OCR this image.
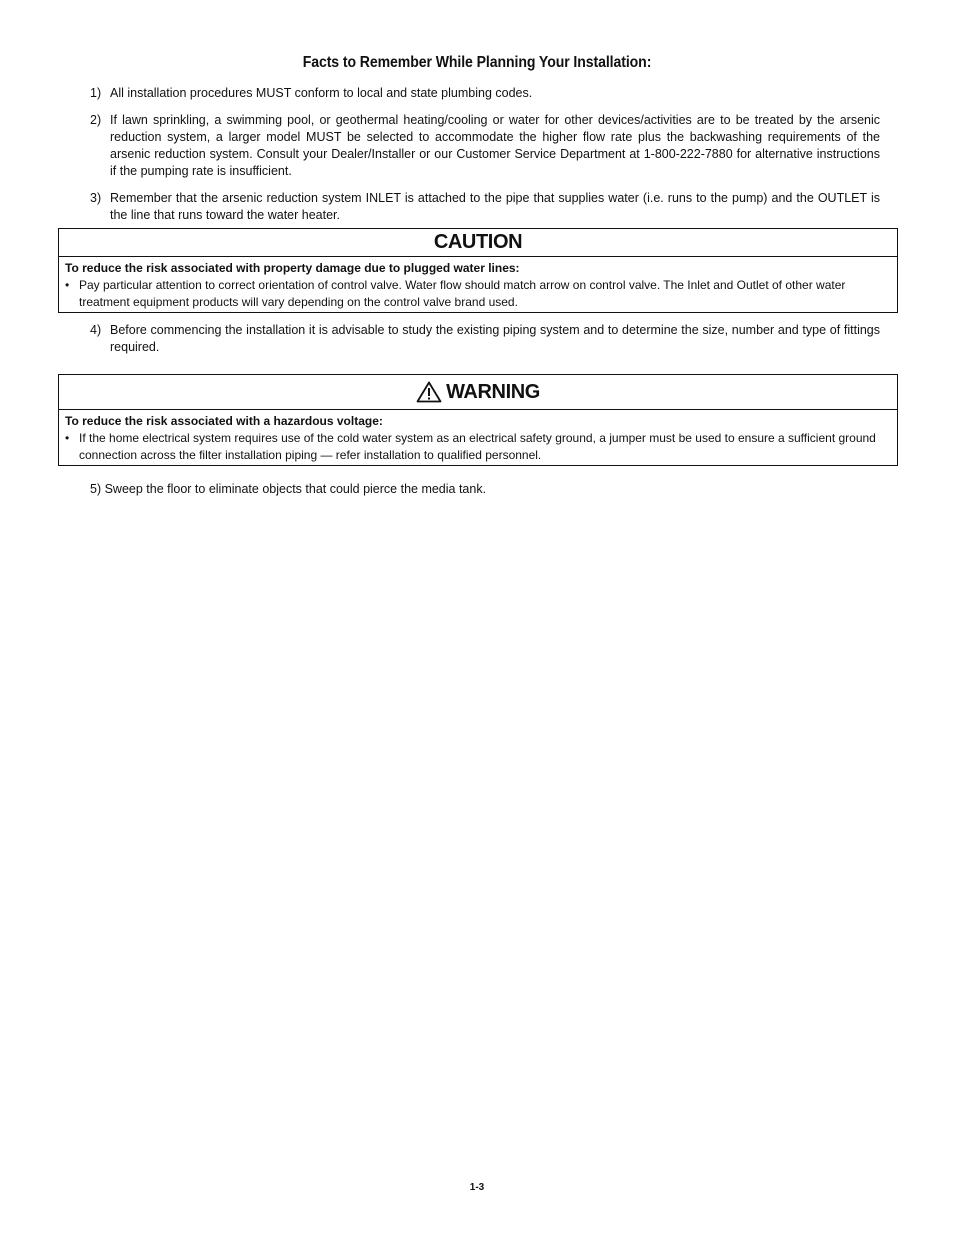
Facts to Remember While Planning Your Installation:
1) All installation procedures MUST conform to local and state plumbing codes.
2) If lawn sprinkling, a swimming pool, or geothermal heating/cooling or water for other devices/activities are to be treated by the arsenic reduction system, a larger model MUST be selected to accommodate the higher flow rate plus the backwashing requirements of the arsenic reduction system. Consult your Dealer/Installer or our Customer Service Department at 1-800-222-7880 for alternative instructions if the pumping rate is insufficient.
3) Remember that the arsenic reduction system INLET is attached to the pipe that supplies water (i.e. runs to the pump) and the OUTLET is the line that runs toward the water heater.
CAUTION
To reduce the risk associated with property damage due to plugged water lines:
• Pay particular attention to correct orientation of control valve. Water flow should match arrow on control valve. The Inlet and Outlet of other water treatment equipment products will vary depending on the control valve brand used.
4) Before commencing the installation it is advisable to study the existing piping system and to determine the size, number and type of fittings required.
WARNING
To reduce the risk associated with a hazardous voltage:
• If the home electrical system requires use of the cold water system as an electrical safety ground, a jumper must be used to ensure a sufficient ground connection across the filter installation piping — refer installation to qualified personnel.
5) Sweep the floor to eliminate objects that could pierce the media tank.
1-3
